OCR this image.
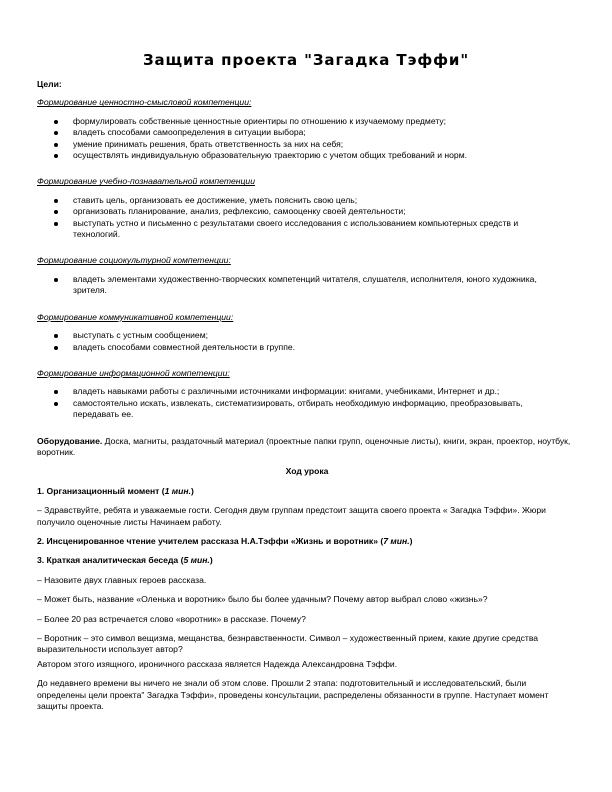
Защита проекта "Загадка Тэффи"

Цели:

Формирование ценностно-смысловой компетенции:

формулировать собственные ценностные ориентиры по отношению к изучаемому предмету;
владеть способами самоопределения в ситуации выбора;
умение принимать решения, брать ответственность за них на себя;
осуществлять индивидуальную образовательную траекторию с учетом общих требований и норм.

Формирование учебно-познавательной компетенции

ставить цель, организовать ее достижение, уметь пояснить свою цель;
организовать планирование, анализ, рефлексию, самооценку своей деятельности;
выступать устно и письменно с результатами своего исследования с использованием компьютерных средств и технологий.

Формирование социокультурной компетенции:

владеть элементами художественно-творческих компетенций читателя, слушателя, исполнителя, юного художника, зрителя.

Формирование коммуникативной компетенции:

выступать с устным сообщением;
владеть способами совместной деятельности в группе.

Формирование информационной компетенции:

владеть навыками работы с различными источниками информации: книгами, учебниками, Интернет и др.;
самостоятельно искать, извлекать, систематизировать, отбирать необходимую информацию, преобразовывать, передавать ее.

Оборудование. Доска, магниты, раздаточный материал (проектные папки групп, оценочные листы), книги, экран, проектор, ноутбук, воротник.

Ход урока

1. Организационный момент (1 мин.)

– Здравствуйте, ребята и уважаемые гости. Сегодня двум группам предстоит защита своего проекта « Загадка Тэффи». Жюри получило оценочные листы Начинаем работу.

2. Инсценированное чтение учителем рассказа Н.А.Тэффи «Жизнь и воротник» (7 мин.)

3. Краткая аналитическая беседа (5 мин.)

– Назовите двух главных героев рассказа.

– Может быть, название «Оленька и воротник» было бы более удачным? Почему автор выбрал слово «жизнь»?

– Более 20 раз встречается слово «воротник» в рассказе. Почему?

– Воротник – это символ вещизма, мещанства, безнравственности. Символ – художественный прием, какие другие средства выразительности использует автор?

Автором этого изящного, ироничного рассказа является Надежда Александровна Тэффи.

До недавнего времени вы ничего не знали об этом слове. Прошли 2 этапа: подготовительный и исследовательский, были определены цели проекта" Загадка Тэффи», проведены консультации, распределены обязанности в группе. Наступает момент защиты проекта.
